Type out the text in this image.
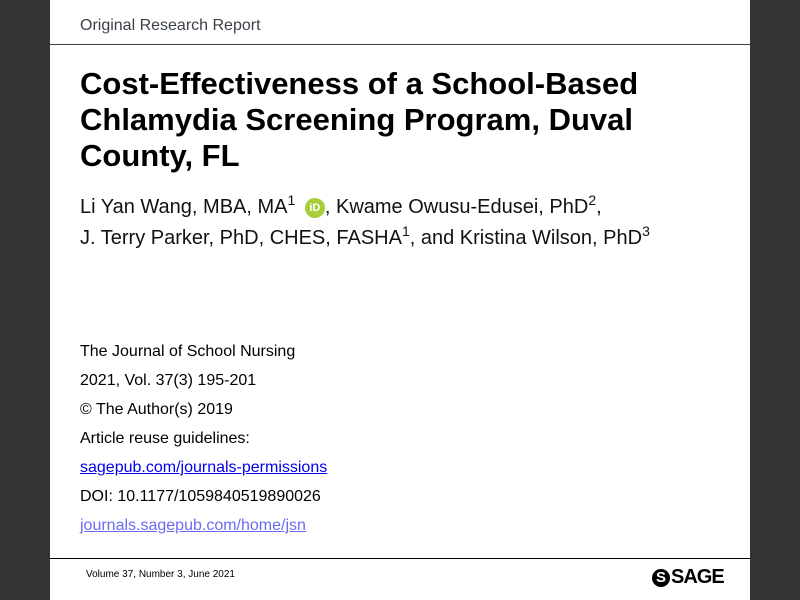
Original Research Report
Cost-Effectiveness of a School-Based Chlamydia Screening Program, Duval County, FL
Li Yan Wang, MBA, $MA^1$ iD , Kwame Owusu-Edusei, PhD$^2$,
J. Terry Parker, PhD, CHES, FASHA$^1$, and Kristina Wilson, PhD$^3$
The Journal of School Nursing
2021, Vol. 37(3) 195-201
© The Author(s) 2019
Article reuse guidelines:
sagepub.com/journals-permissions
DOI: 10.1177/1059840519890026
journals.sagepub.com/home/jsn
Volume 37, Number 3, June 2021	S SAGE
